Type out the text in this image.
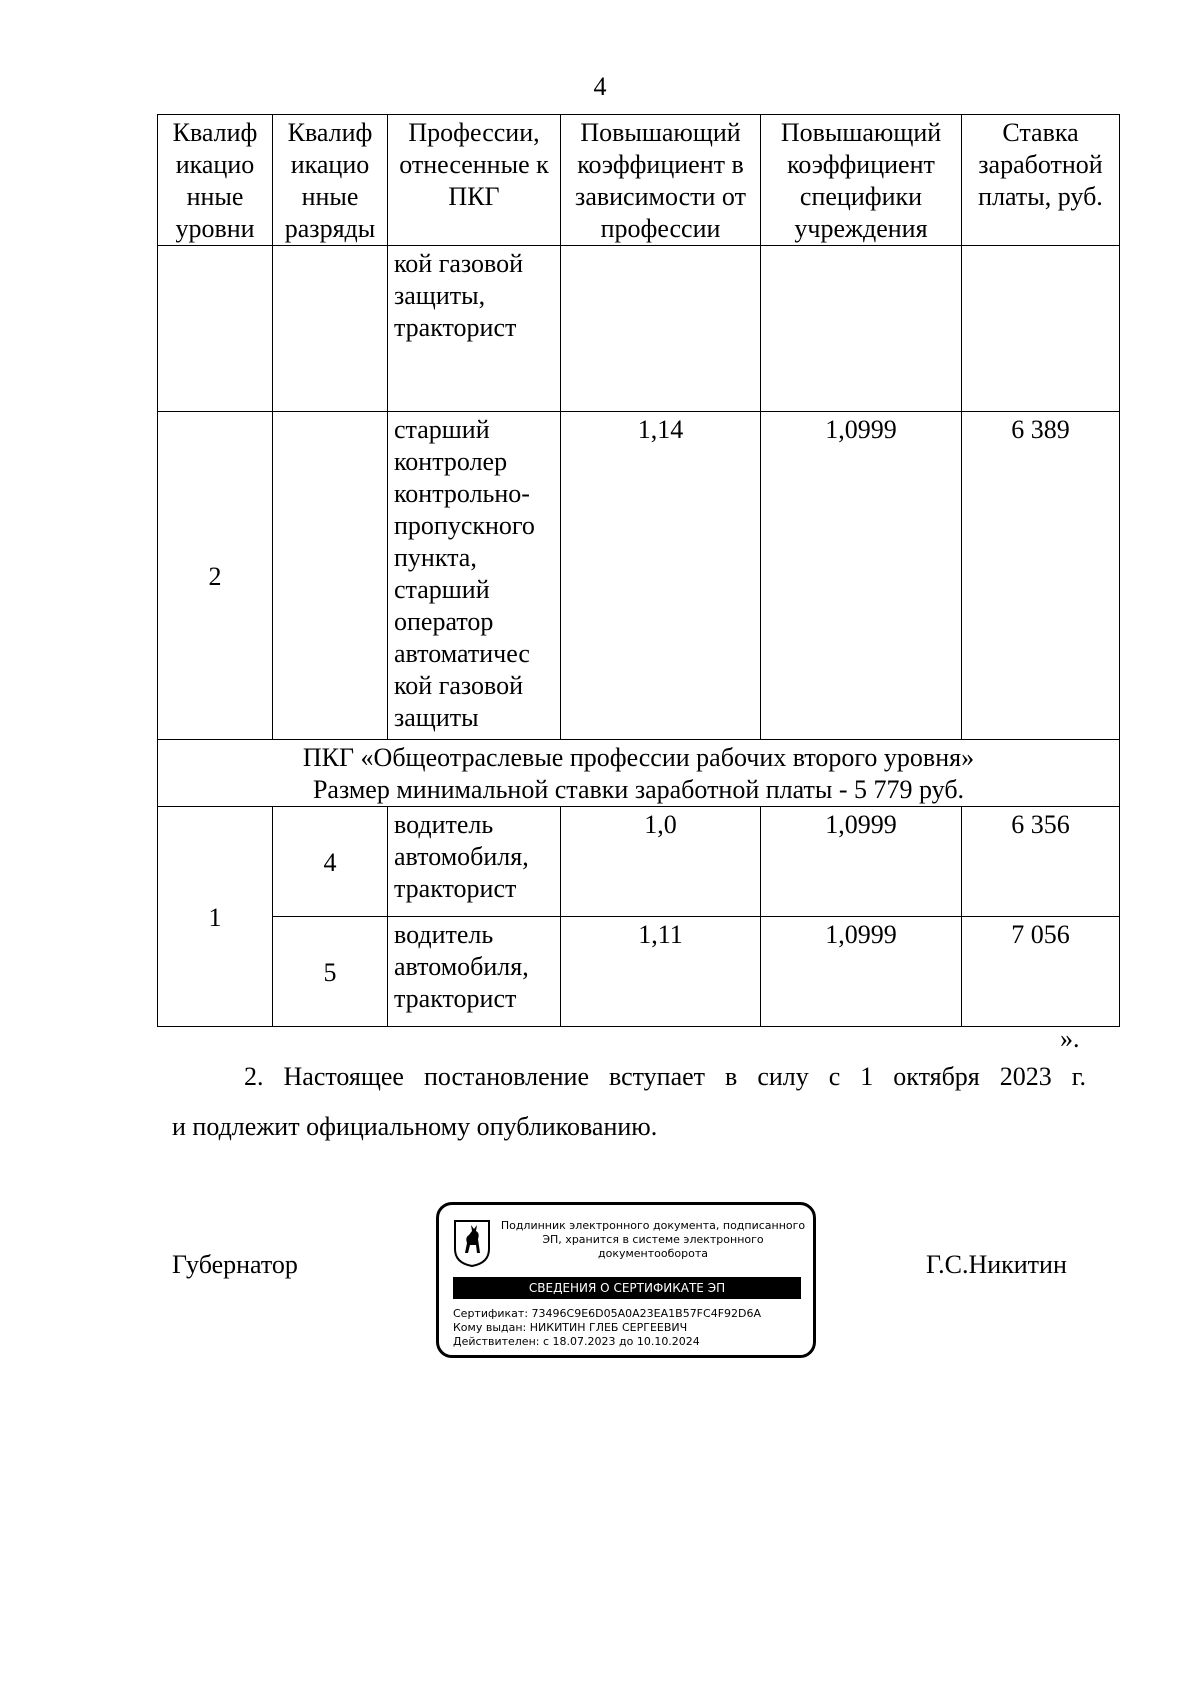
4
Квалиф икацио нные уровни	Квалиф икацио нные разряды	Профессии, отнесенные к ПКГ	Повышающий коэффициент в зависимости от профессии	Повышающий коэффициент специфики учреждения	Ставка заработной платы, руб.
		кой газовой защиты, тракторист			
2		старший контролер контрольно-пропускного пункта, старший оператор автоматичес кой газовой защиты	1,14	1,0999	6 389

ПКГ «Общеотраслевые профессии рабочих второго уровня»
Размер минимальной ставки заработной платы - 5 779 руб.					

1	4	водитель автомобиля, тракторист	1,0	1,0999	6 356
	5	водитель автомобиля, тракторист	1,11	1,0999	7 056
».
2. Настоящее постановление вступает в силу с 1 октября 2023 г.
и подлежит официальному опубликованию.
Губернатор	Г.С.Никитин
Подлинник электронного документа, подписанного ЭП, хранится в системе электронного документооборота
СВЕДЕНИЯ О СЕРТИФИКАТЕ ЭП
Сертификат: 73496C9E6D05A0A23EA1B57FC4F92D6A
Кому выдан: НИКИТИН ГЛЕБ СЕРГЕЕВИЧ
Действителен: с 18.07.2023 до 10.10.2024
